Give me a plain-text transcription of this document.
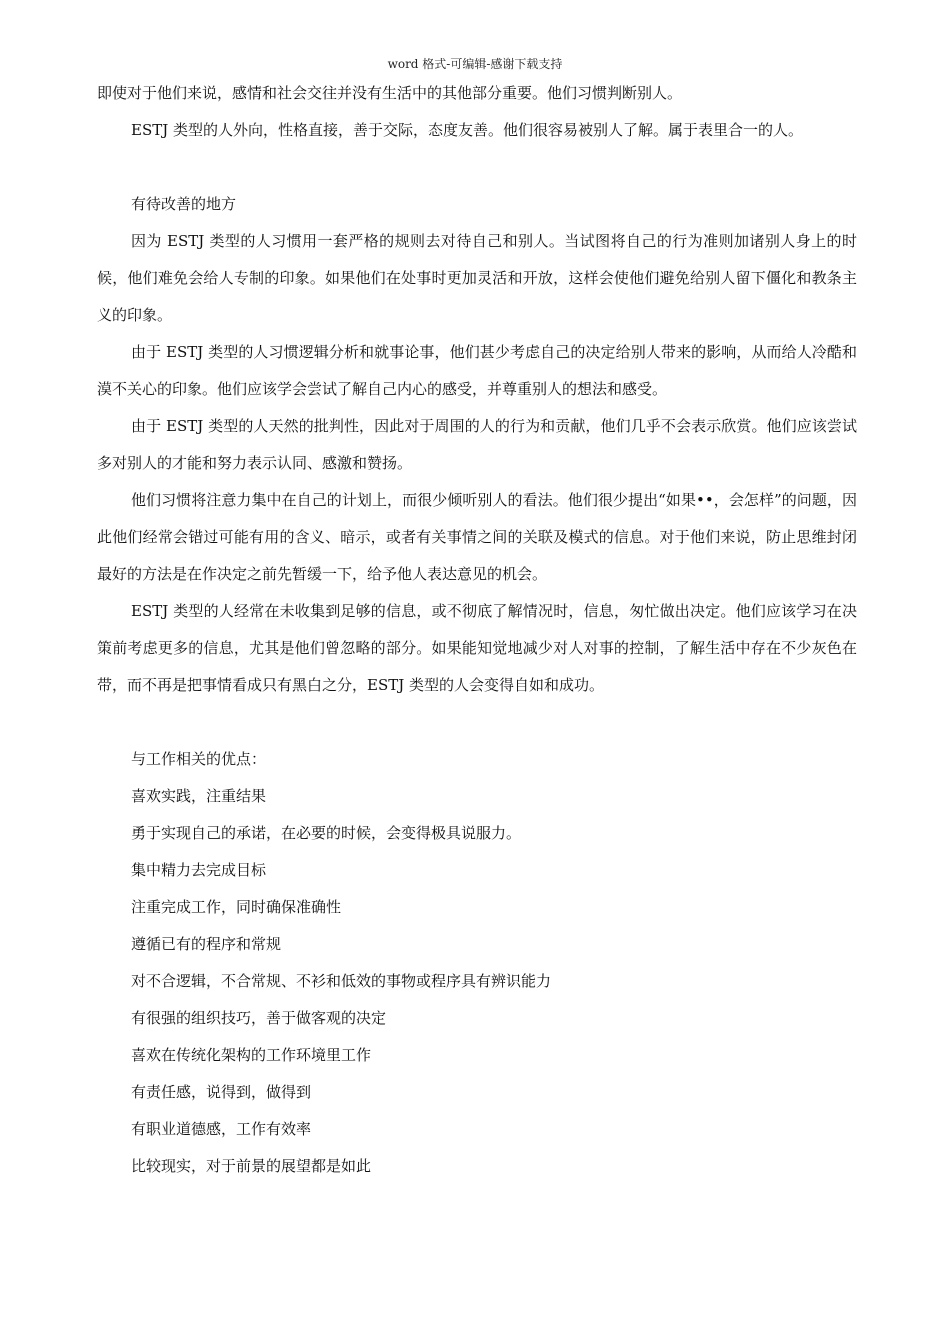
word 格式-可编辑-感谢下载支持

即使对于他们来说，感情和社会交往并没有生活中的其他部分重要。他们习惯判断别人。

ESTJ 类型的人外向，性格直接，善于交际，态度友善。他们很容易被别人了解。属于表里合一的人。

有待改善的地方

因为 ESTJ 类型的人习惯用一套严格的规则去对待自己和别人。当试图将自己的行为准则加诸别人身上的时候，他们难免会给人专制的印象。如果他们在处事时更加灵活和开放，这样会使他们避免给别人留下僵化和教条主义的印象。

由于 ESTJ 类型的人习惯逻辑分析和就事论事，他们甚少考虑自己的决定给别人带来的影响，从而给人冷酷和漠不关心的印象。他们应该学会尝试了解自己内心的感受，并尊重别人的想法和感受。

由于 ESTJ 类型的人天然的批判性，因此对于周围的人的行为和贡献，他们几乎不会表示欣赏。他们应该尝试多对别人的才能和努力表示认同、感激和赞扬。

他们习惯将注意力集中在自己的计划上，而很少倾听别人的看法。他们很少提出“如果••，会怎样”的问题，因此他们经常会错过可能有用的含义、暗示，或者有关事情之间的关联及模式的信息。对于他们来说，防止思维封闭最好的方法是在作决定之前先暂缓一下，给予他人表达意见的机会。

ESTJ 类型的人经常在未收集到足够的信息，或不彻底了解情况时，信息，匆忙做出决定。他们应该学习在决策前考虑更多的信息，尤其是他们曾忽略的部分。如果能知觉地减少对人对事的控制，了解生活中存在不少灰色在带，而不再是把事情看成只有黑白之分，ESTJ 类型的人会变得自如和成功。

与工作相关的优点：

喜欢实践，注重结果
勇于实现自己的承诺，在必要的时候，会变得极具说服力。
集中精力去完成目标
注重完成工作，同时确保准确性
遵循已有的程序和常规
对不合逻辑，不合常规、不衫和低效的事物或程序具有辨识能力
有很强的组织技巧，善于做客观的决定
喜欢在传统化架构的工作环境里工作
有责任感，说得到，做得到
有职业道德感，工作有效率
比较现实，对于前景的展望都是如此
